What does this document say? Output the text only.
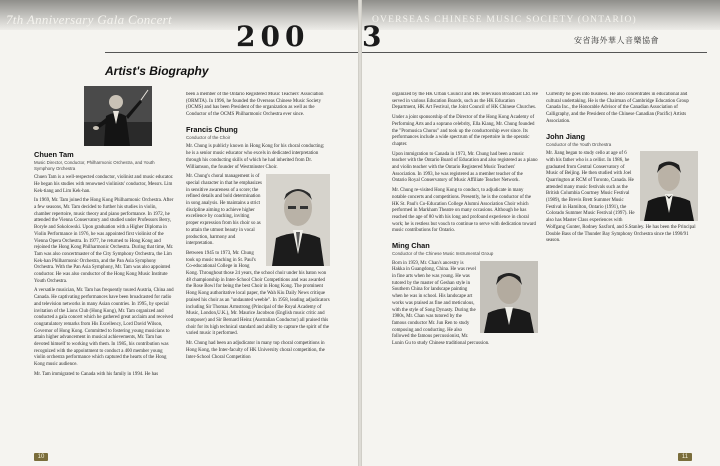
7th Anniversary Gala Concert
200
Artist's Biography
Chuen Tam
Music Director, Conductor, Philharmonic Orchestra, and Youth Symphony Orchestra

Chuen Tam is a well-respected conductor, violinist and music educator. He began his studies with renowned violinists' conductor, Messrs. Lim Kek-tiang and Lim Kek-han.

In 1969, Mr. Tam joined the Hong Kong Philharmonic Orchestra. After a few seasons, Mr. Tam decided to further his studies in violin, chamber repertoire, music theory and piano performance. In 1972, he attended the Vienna Conservatory and studied under Professors Berry, Boryle and Sokolowski. Upon graduation with a Higher Diploma in Violin Performance in 1976, he was appointed first violinist of the Vienna Opera Orchestra. In 1977, he returned to Hong Kong and rejoined the Hong Kong Philharmonic Orchestra. During that time, Mr. Tam was also concertmaster of the City Symphony Orchestra, the Lim Kek-han Philharmonic Orchestra, and the Pan Asia Symphony Orchestra. With the Pan Asia Symphony, Mr. Tam was also appointed conductor. He was also conductor of the Hong Kong Music Institute Youth Orchestra.

A versatile musician, Mr. Tam has frequently toured Austria, China and Canada. He captivating performances have been broadcasted for radio and television networks in many Asian countries. In 1995, by special invitation of the Lions Club (Hong Kong), Mr. Tam organized and conducted a gala concert which he gathered great acclaim and received congratulatory remarks from His Excellency, Lord David Wilson, Governor of Hong Kong. Committed to fostering young musicians to attain higher advancement in musical achievements, Mr. Tam has devoted himself to working with them. In 1985, his contribution was recognized with the appointment to conduct a 400 member young violin orchestra performance which captured the hearts of the Hong Kong music audience.

Mr. Tam immigrated to Canada with his family in 1994. He has

been a member of the Ontario Registered Music Teachers' Association (ORMTA). In 1996, he founded the Overseas Chinese Music Society (OCMS) and has been President of the organization as well as the Conductor of the OCMS Philharmonic Orchestra ever since.

Francis Chung
Conductor of the Choir

Mr. Chung is publicly known in Hong Kong for his choral conducting; he is a senior music educator who excels in dedicated interpretation through his conducting skills of which he had inherited from Dr. Williamson, the founder of Westminster Choir.

Mr. Chung's choral management is of special character in that he emphasizes in sensitive awareness of a score; the refined details and bold determination in song analysis. He maintains a strict discipline aiming to achieve higher excellence by coaching, inviting proper expression from his choir so as to attain the utmost beauty in vocal production, harmony and interpretation.

Between 1945 to 1973, Mr. Chung took up music teaching in St. Paul's Co-educational College in Hong Kong. Throughout those 24 years, the school choir under his baton won 48 championship in Inter-School Choir Competitions and was awarded the Rose Bowl for being the best Choir in Hong Kong. The prominent Hong Kong authoritative local paper, the Wah Kiu Daily News critique praised his choir as an "undaunted weeble". In 1958, leading adjudicators including Sir Thomas Armstrong (Principal of the Royal Academy of Music, London,U.K.), Mr. Maurice Jacobson (English music critic and composer) and Sir Bernard Heinz (Australian Conductor) all praised this choir for its high technical standard and ability to capture the spirit of the varied music it performed.

Mr. Chung had been an adjudicator in many top choral competitions in Hong Kong, the Inter-faculty of HK University choral competition, the Inter-School Choral Competition

10
OVERSEAS CHINESE MUSIC SOCIETY (ONTARIO)
3	安省海外華人音樂協會

organized by the HK Urban Council and HK Television Broadcast Ltd. He served in various Education Boards, such as the HK Education Department, HK Art Festival, the Joint Council of HK Chinese Churches.

Under a joint sponsorship of the Director of the Hong Kong Academy of Performing Arts and a soprano celebrity, Ella Kiang, Mr. Chung founded the "Promusica Chorus" and took up the conductorship ever since. Its performances include a wide spectrum of the repertoire in the operatic chapter.

Upon immigration to Canada in 1973, Mr. Chung had been a music teacher with the Ontario Board of Education and also registered as a piano and violin teacher with the Ontario Registered Music Teachers' Association. In 1993, he was registered as a member teacher of the Ontario Royal Conservatory of Music Affiliate Teacher Network.

Mr. Chung re-visited Hong Kong to conduct, to adjudicate in many notable concerts and competitions. Presently, he is the conductor of the HK St. Paul's Co-Education College Alumni Association Choir which performed in Markham Theatre on many occasions. Although he has reached the age of 80 with his long and profound experience in choral work; he is restless but vouch to continue to serve with dedication toward music contributions for Ontario.

Ming Chan
Conductor of the Chinese Music Instrumental Group

Born in 1959, Mr. Chan's ancestry is Hakka in Guangdong, China. He was revel in fine arts when he was young. He was tutored by the master of Geshan style in Southern China for landscape painting when he was in school. His landscape art works was praised as fine and meticulous, with the style of Song Dynasty. During the 1980s, Mr. Chan was tutored by the famous conductor Mr. Jun Ren to study composing and conducting. He also followed the famous percussionist, Mr. Lunin Gu to study Chinese traditional percussion.

Currently he goes into business. He also concentrates in educational and cultural undertaking. He is the Chairman of Cambridge Education Group Canada Inc., the Honorable Advisor of the Canadian Association of Calligraphy, and the President of the Chinese Canadian (Pacific) Artists Association.

John Jiang
Conductor of the Youth Orchestra

Mr. Jiang began to study cello at age of 6 with his father who is a cellist. In 1986, he graduated from Central Conservatory of Music of Beijing. He then studied with Joel Quarrington at RCM of Toronto, Canada. He attended many music festivals such as the British Columbia Courtney Music Festival (1989), the Brevis Brett Summer Music Festival in Hamilton, Ontario (1991), the Colorado Summer Music Festival (1997). He also has Master Class experiences with Wolfgang Gunter, Rodney Saxford, and S.Stanley. He has been the Principal Double Bass of the Thunder Bay Symphony Orchestra since the 1990/91 season.

11
